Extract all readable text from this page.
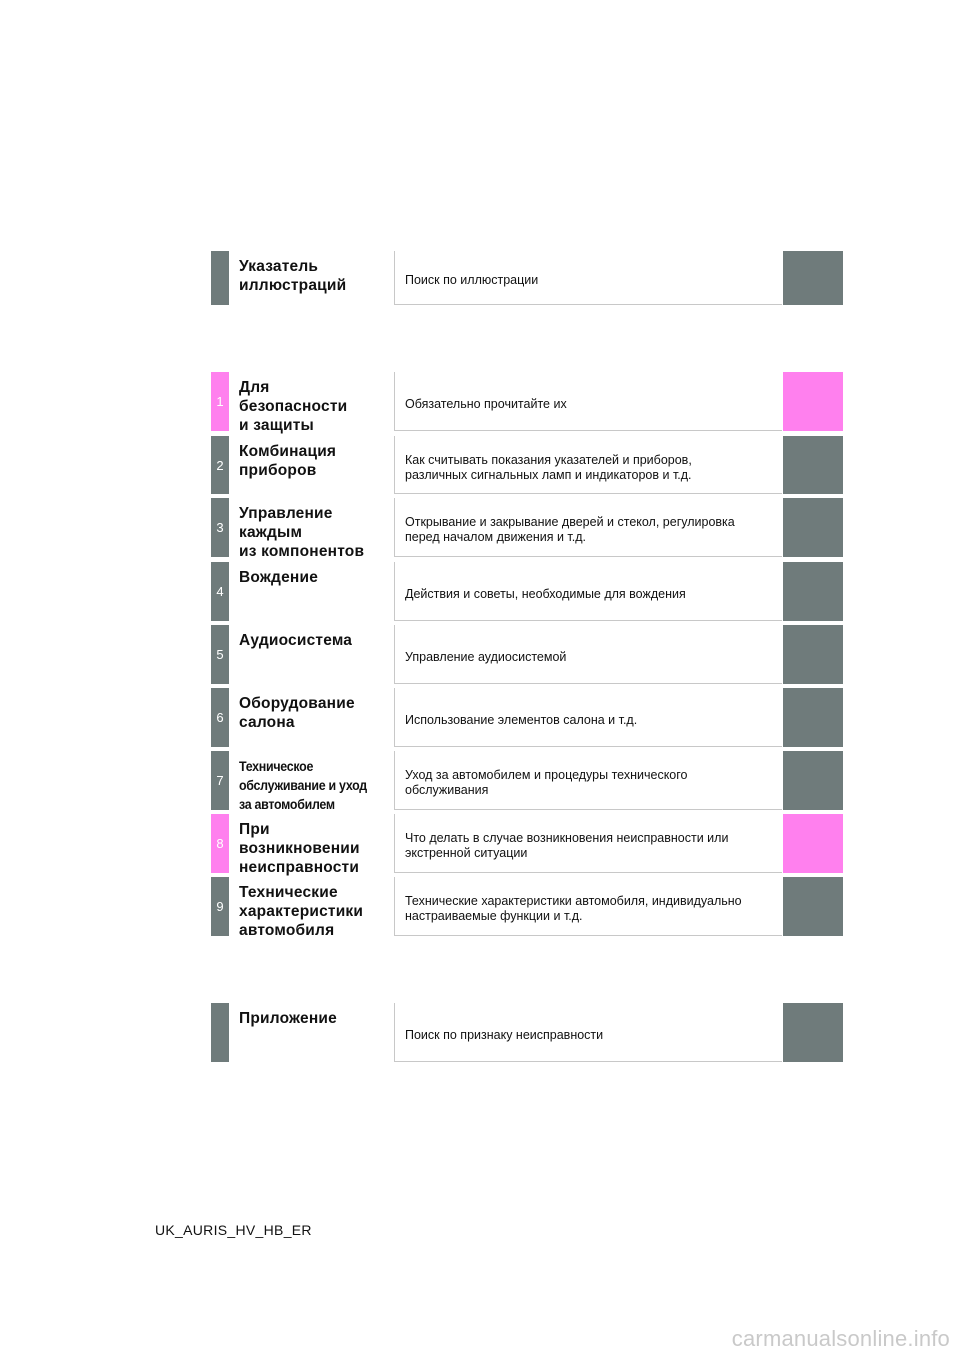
Указатель
иллюстраций	Поиск по иллюстрации
1
Для
безопасности
и защиты
Обязательно прочитайте их
2
Комбинация
приборов
Как считывать показания указателей и приборов,
различных сигнальных ламп и индикаторов и т.д.
3
Управление
каждым
из компонентов
Открывание и закрывание дверей и стекол, регулировка
перед началом движения и т.д.
4
Вождение
Действия и советы, необходимые для вождения
5
Аудиосистема
Управление аудиосистемой
6
Оборудование
салона	Использование элементов салона и т.д.
7
Техническое
обслуживание и уход
за автомобилем
Уход за автомобилем и процедуры технического
обслуживания
8
При
возникновении
неисправности
Что делать в случае возникновения неисправности или
экстренной ситуации
9
Технические
характеристики
автомобиля
Технические характеристики автомобиля, индивидуально
настраиваемые функции и т.д.
Приложение
Поиск по признаку неисправности
UK_AURIS_HV_HB_ER
carmanualsonline.info
